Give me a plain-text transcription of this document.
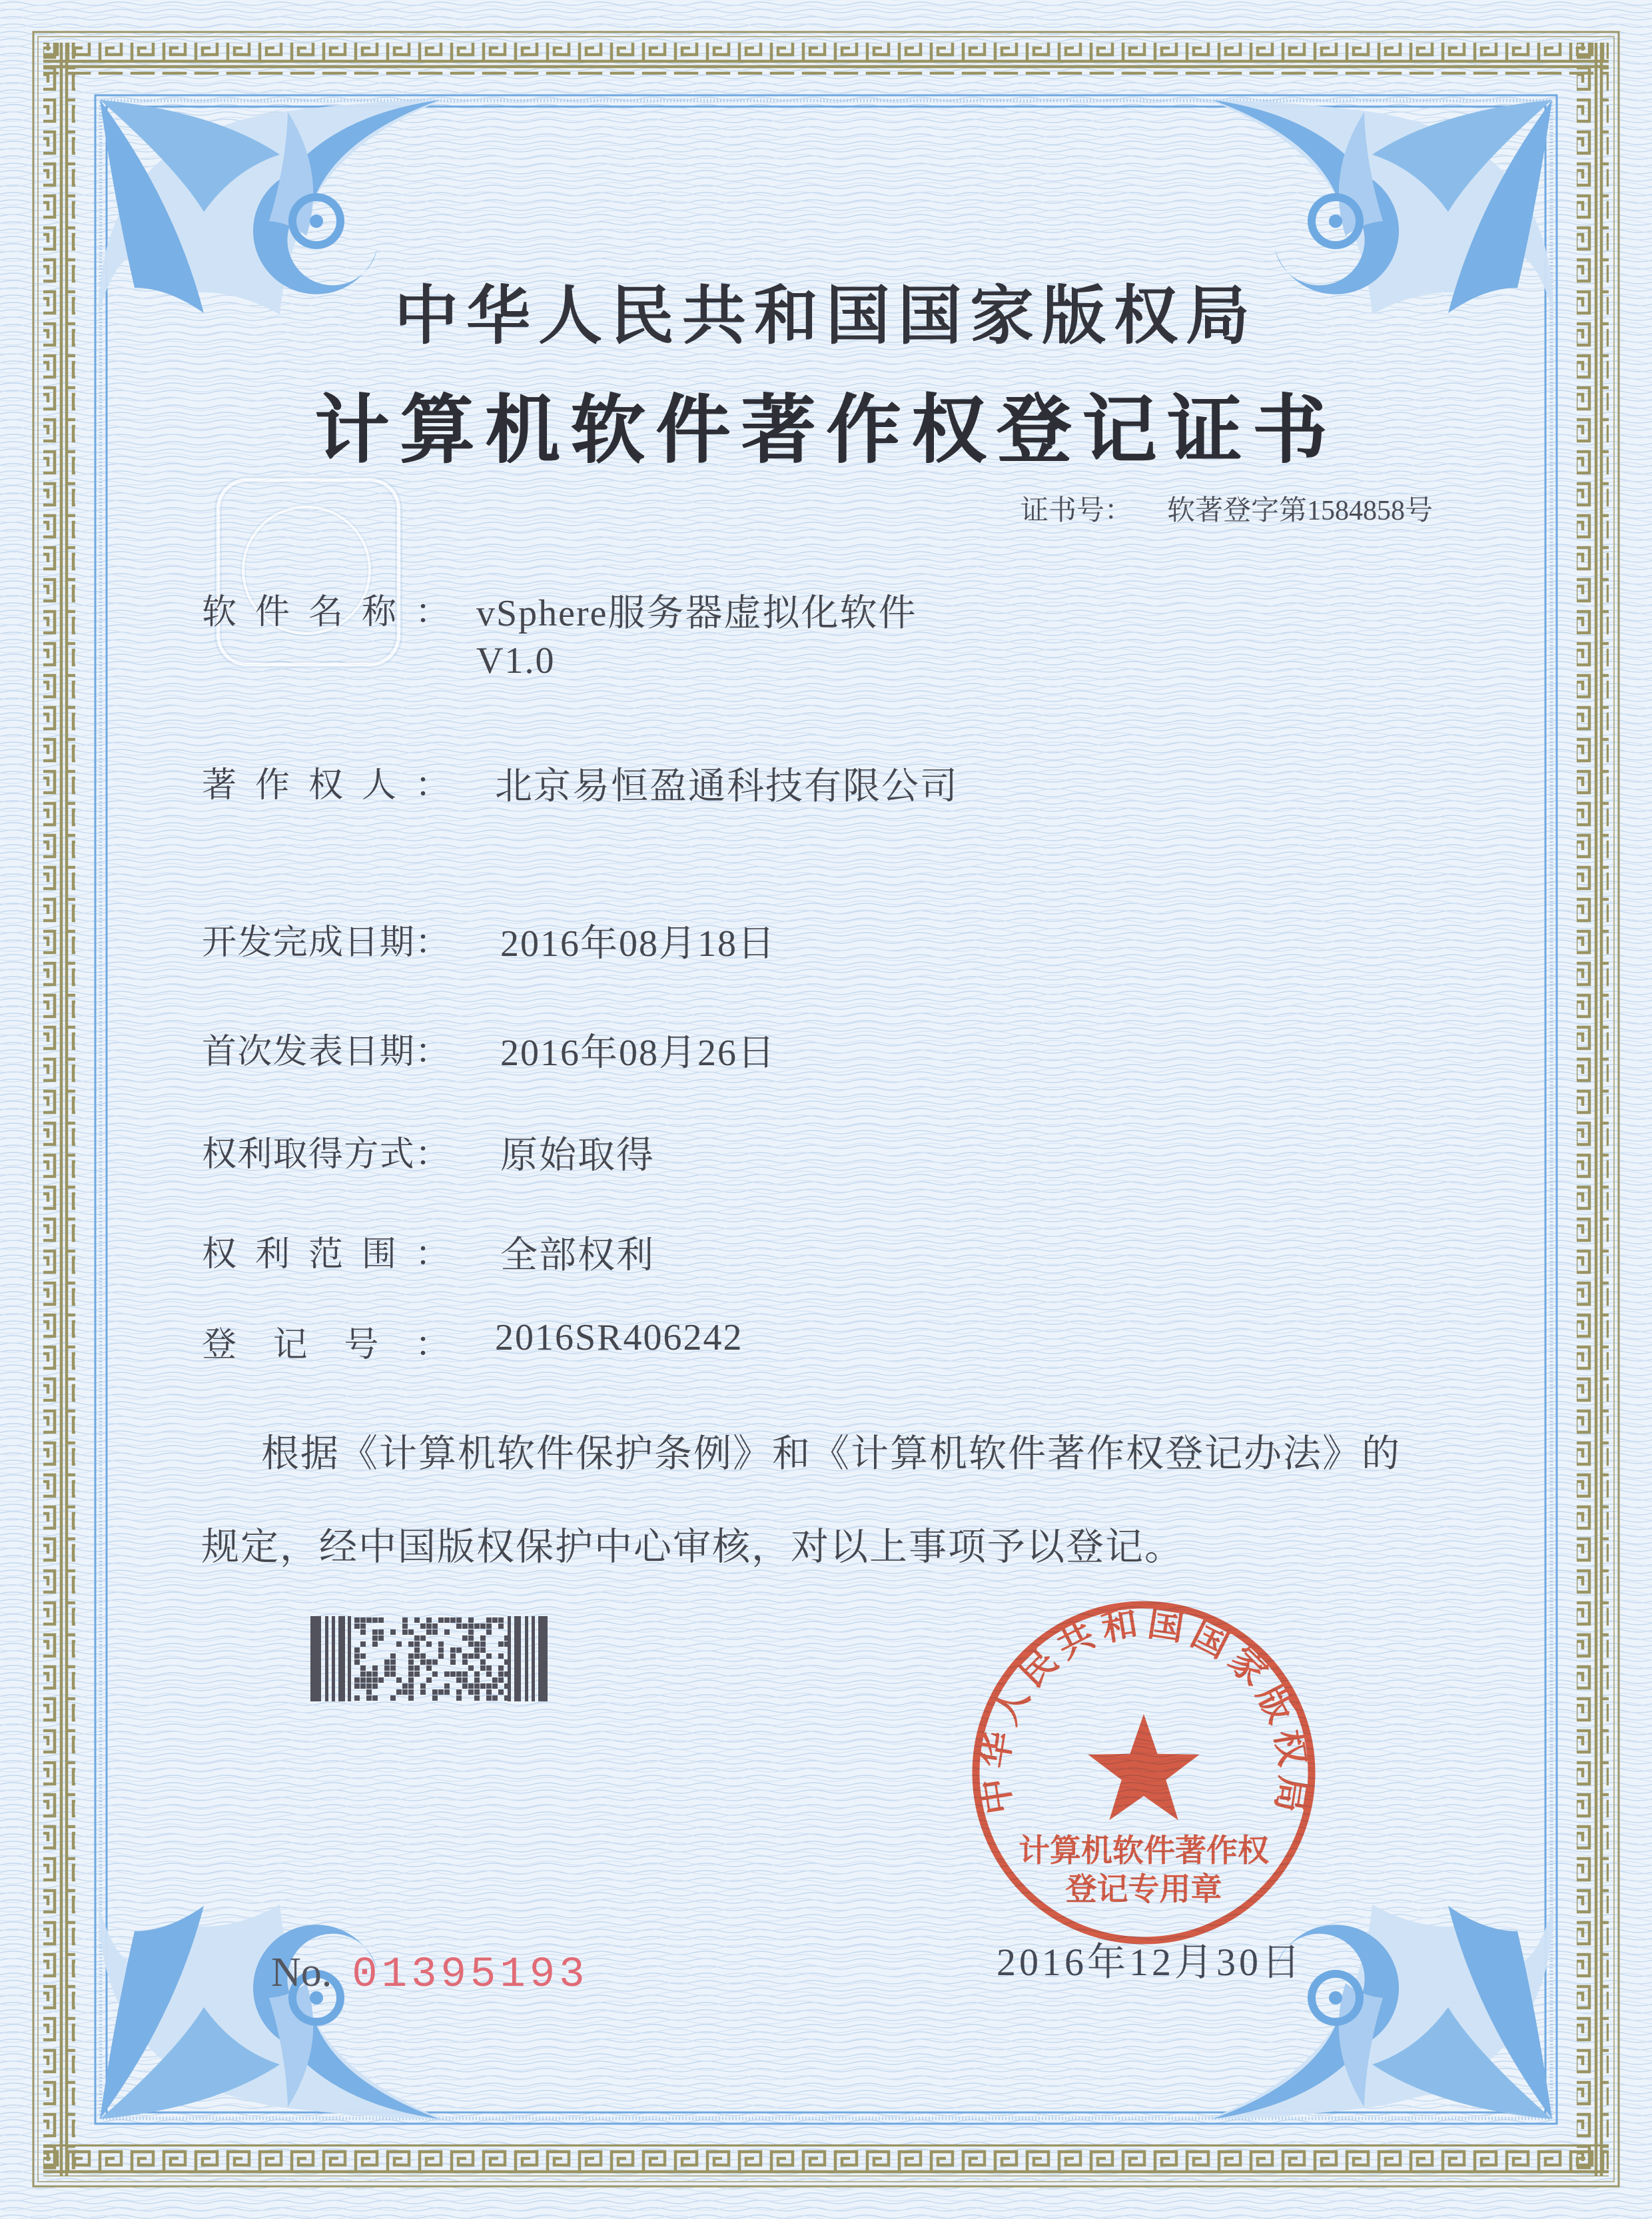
中华人民共和国国家版权局
计算机软件著作权登记证书
证书号： 软著登字第1584858号
软件名称： vSphere服务器虚拟化软件
V1.0
著作权人： 北京易恒盈通科技有限公司
开发完成日期： 2016年08月18日
首次发表日期： 2016年08月26日
权利取得方式： 原始取得
权利范围： 全部权利
登记号： 2016SR406242
根据《计算机软件保护条例》和《计算机软件著作权登记办法》的
规定，经中国版权保护中心审核，对以上事项予以登记。
中华人民共和国国家版权局
计算机软件著作权
登记专用章
2016年12月30日
No. 01395193
